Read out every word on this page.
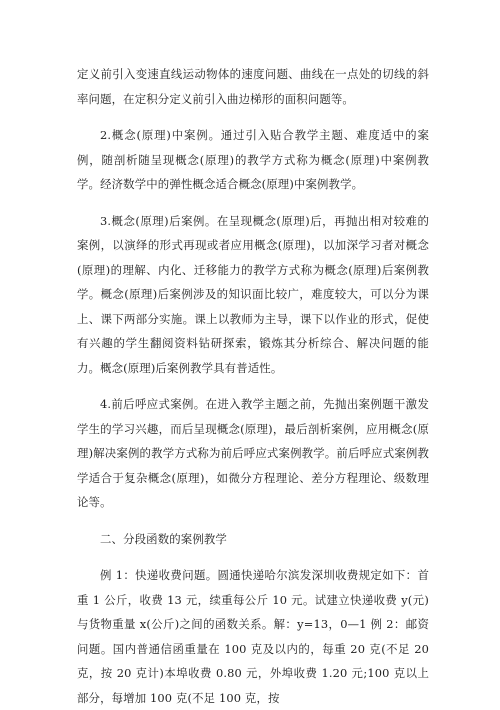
定义前引入变速直线运动物体的速度问题、曲线在一点处的切线的斜率问题，在定积分定义前引入曲边梯形的面积问题等。

2.概念(原理)中案例。通过引入贴合教学主题、难度适中的案例，随剖析随呈现概念(原理)的教学方式称为概念(原理)中案例教学。经济数学中的弹性概念适合概念(原理)中案例教学。

3.概念(原理)后案例。在呈现概念(原理)后，再抛出相对较难的案例，以演绎的形式再现或者应用概念(原理)，以加深学习者对概念(原理)的理解、内化、迁移能力的教学方式称为概念(原理)后案例教学。概念(原理)后案例涉及的知识面比较广，难度较大，可以分为课上、课下两部分实施。课上以教师为主导，课下以作业的形式，促使有兴趣的学生翻阅资料钻研探索，锻炼其分析综合、解决问题的能力。概念(原理)后案例教学具有普适性。

4.前后呼应式案例。在进入教学主题之前，先抛出案例题干激发学生的学习兴趣，而后呈现概念(原理)，最后剖析案例，应用概念(原理)解决案例的教学方式称为前后呼应式案例教学。前后呼应式案例教学适合于复杂概念(原理)，如微分方程理论、差分方程理论、级数理论等。

二、分段函数的案例教学

例 1：快递收费问题。圆通快递哈尔滨发深圳收费规定如下：首重 1 公斤，收费 13 元，续重每公斤 10 元。试建立快递收费 y(元)与货物重量 x(公斤)之间的函数关系。解：y=13，0—1 例 2：邮资问题。国内普通信函重量在 100 克及以内的，每重 20 克(不足 20 克，按 20 克计)本埠收费 0.80 元，外埠收费 1.20 元;100 克以上部分，每增加 100 克(不足 100 克，按
